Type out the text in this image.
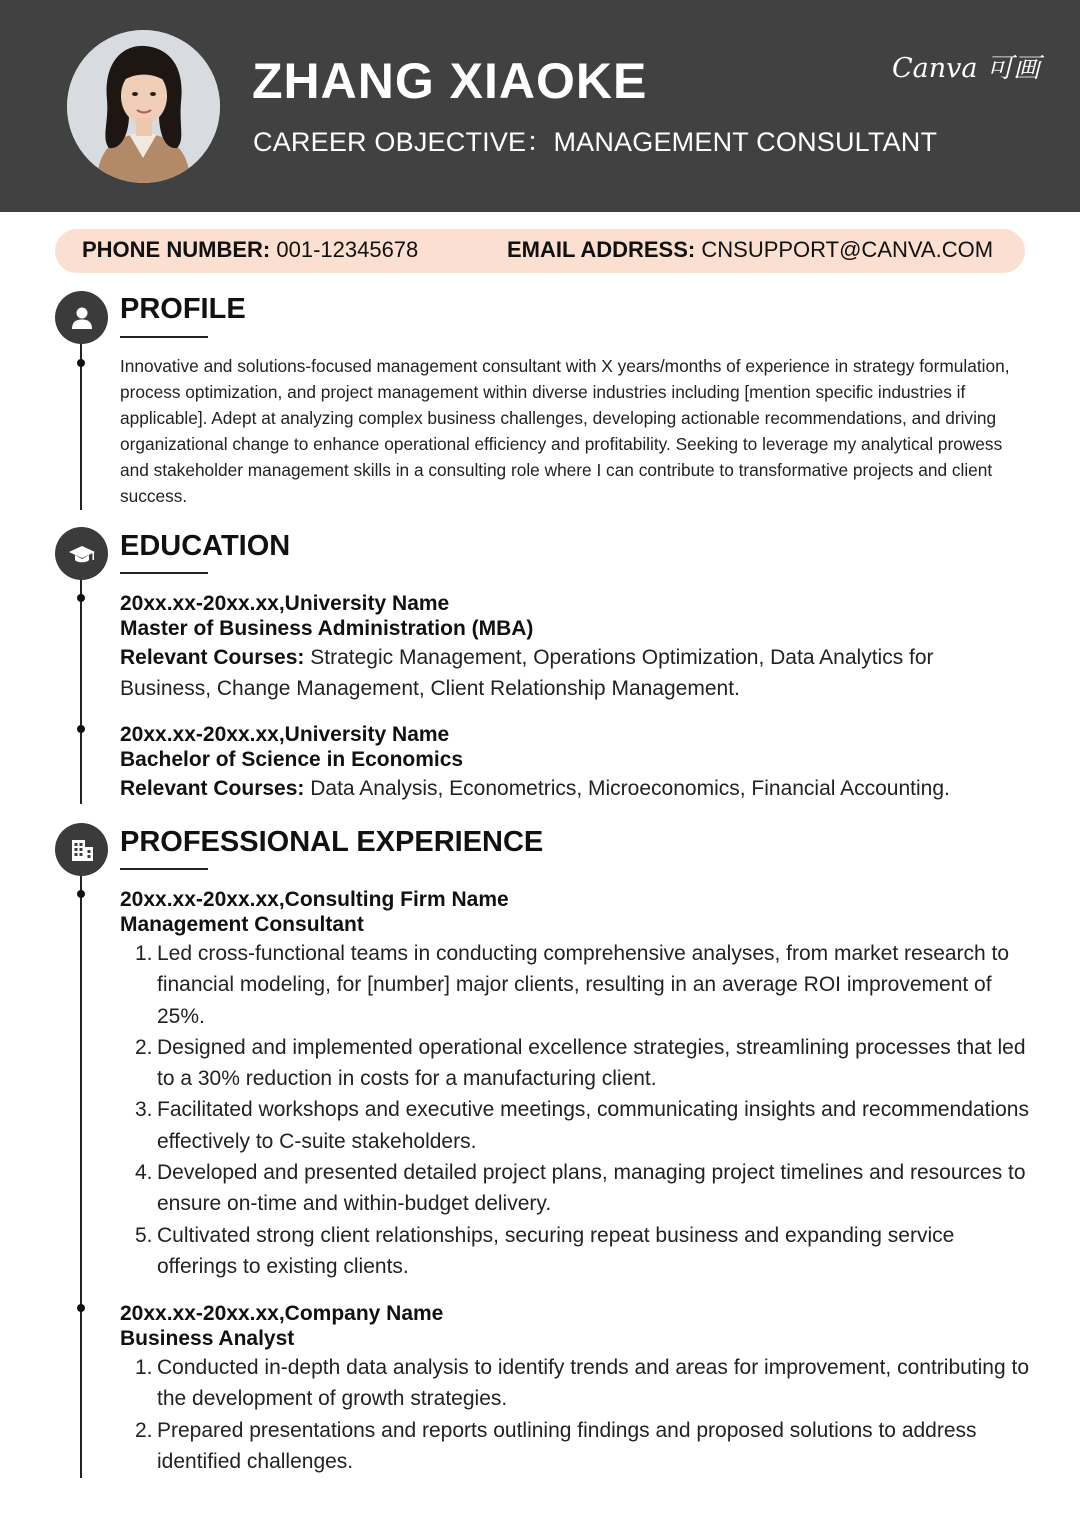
ZHANG XIAOKE
CAREER OBJECTIVE：MANAGEMENT CONSULTANT
Canva 可画
PHONE NUMBER: 001-12345678	EMAIL ADDRESS: CNSUPPORT@CANVA.COM
PROFILE
Innovative and solutions-focused management consultant with X years/months of experience in strategy formulation, process optimization, and project management within diverse industries including [mention specific industries if applicable]. Adept at analyzing complex business challenges, developing actionable recommendations, and driving organizational change to enhance operational efficiency and profitability. Seeking to leverage my analytical prowess and stakeholder management skills in a consulting role where I can contribute to transformative projects and client success.
EDUCATION
20xx.xx-20xx.xx,University Name
Master of Business Administration (MBA)
Relevant Courses: Strategic Management, Operations Optimization, Data Analytics for Business, Change Management, Client Relationship Management.
20xx.xx-20xx.xx,University Name
Bachelor of Science in Economics
Relevant Courses: Data Analysis, Econometrics, Microeconomics, Financial Accounting.
PROFESSIONAL EXPERIENCE
20xx.xx-20xx.xx,Consulting Firm Name
Management Consultant
1. Led cross-functional teams in conducting comprehensive analyses, from market research to financial modeling, for [number] major clients, resulting in an average ROI improvement of 25%.
2. Designed and implemented operational excellence strategies, streamlining processes that led to a 30% reduction in costs for a manufacturing client.
3. Facilitated workshops and executive meetings, communicating insights and recommendations effectively to C-suite stakeholders.
4. Developed and presented detailed project plans, managing project timelines and resources to ensure on-time and within-budget delivery.
5. Cultivated strong client relationships, securing repeat business and expanding service offerings to existing clients.
20xx.xx-20xx.xx,Company Name
Business Analyst
1. Conducted in-depth data analysis to identify trends and areas for improvement, contributing to the development of growth strategies.
2. Prepared presentations and reports outlining findings and proposed solutions to address identified challenges.
